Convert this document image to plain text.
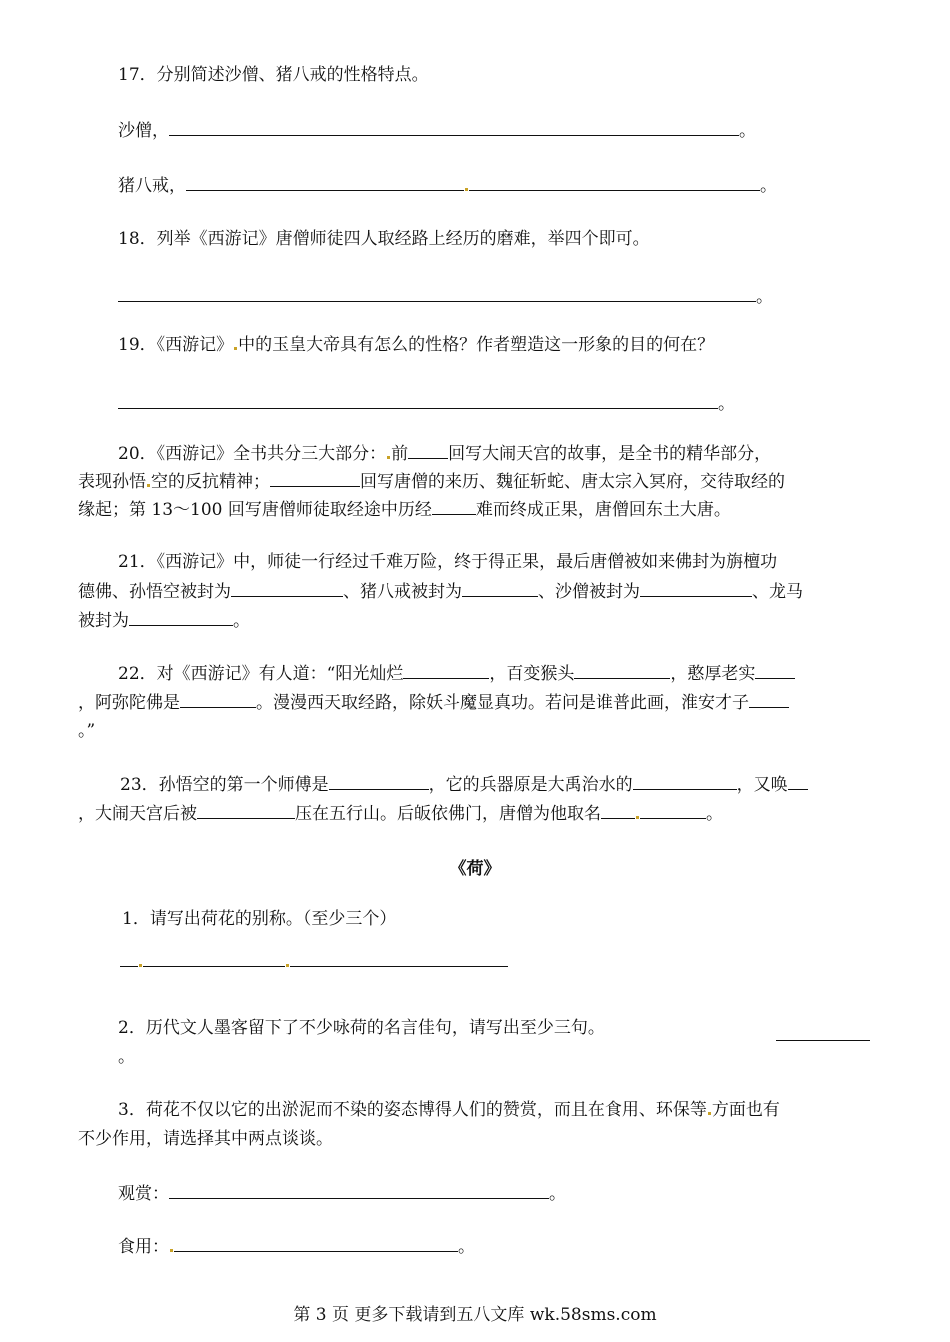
17．分别简述沙僧、猪八戒的性格特点。
沙僧，	。
猪八戒，	。
18．列举《西游记》唐僧师徒四人取经路上经历的磨难，举四个即可。
。
19．《西游记》 中的玉皇大帝具有怎么的性格？作者塑造这一形象的目的何在？
。
20．《西游记》全书共分三大部分： 前 回写大闹天宫的故事，是全书的精华部分，
表现孙悟 空的反抗精神；	回写唐僧的来历、魏征斩蛇、唐太宗入冥府，交待取经的
缘起；第 13～100 回写唐僧师徒取经途中历经	难而终成正果，唐僧回东土大唐。
21．《西游记》中，师徒一行经过千难万险，终于得正果，最后唐僧被如来佛封为旃檀功
德佛、孙悟空被封为	、猪八戒被封为	、沙僧被封为	、龙马
被封为	。
22．对《西游记》有人道：“阳光灿烂	，百变猴头	，憨厚老实
，阿弥陀佛是	。漫漫西天取经路，除妖斗魔显真功。若问是谁普此画，淮安才子
。”
23．孙悟空的第一个师傅是	，它的兵器原是大禹治水的	，又唤
，大闹天宫后被	压在五行山。后皈依佛门，唐僧为他取名	。
《荷》
1．请写出荷花的别称。（至少三个）
2．历代文人墨客留下了不少咏荷的名言佳句，请写出至少三句。
。
3．荷花不仅以它的出淤泥而不染的姿态博得人们的赞赏，而且在食用、环保等 方面也有
不少作用，请选择其中两点谈谈。
观赏：	。
食用：	。
第 3 页 更多下载请到五八文库 wk.58sms.com
